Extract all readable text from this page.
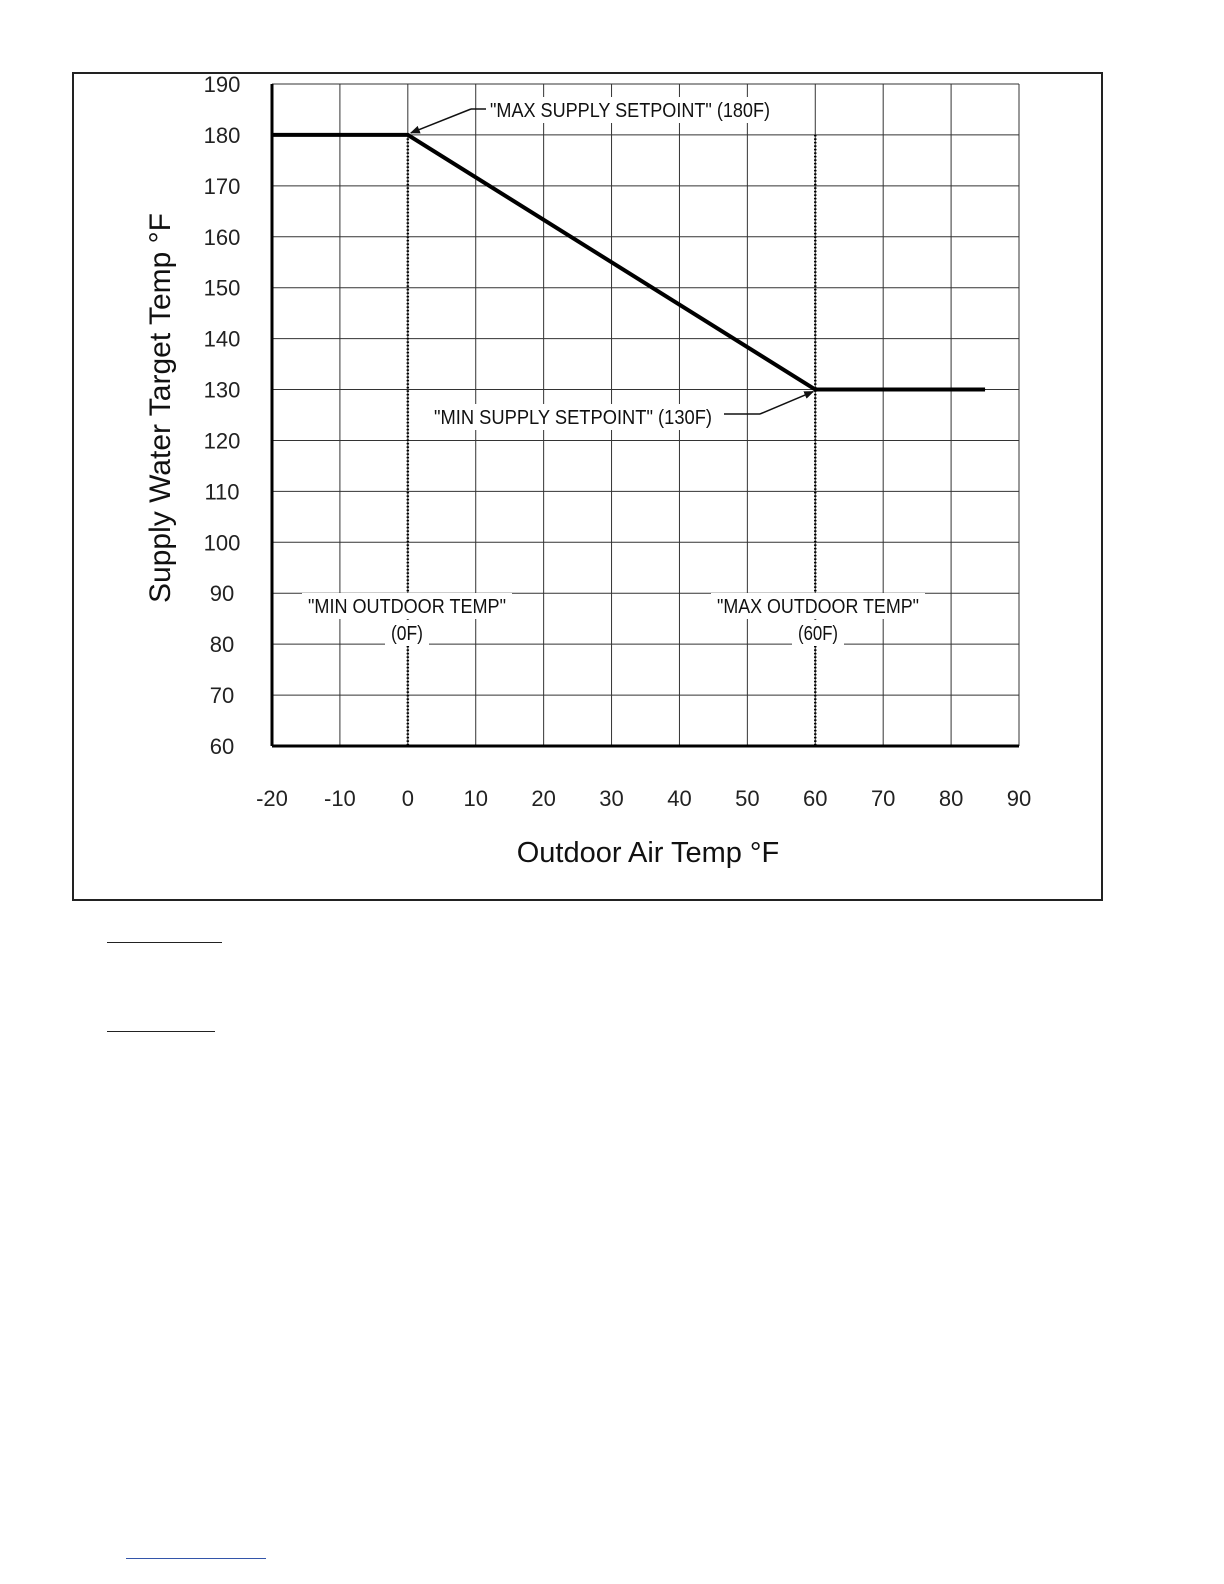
-20 -10 0 10 20 30 40 50 60 70 80 90
60
70
80
90
100
110
120
130
140
150
160
170
180
190
"MAX SUPPLY SETPOINT" (180F)
"MIN SUPPLY SETPOINT" (130F)
"MIN OUTDOOR TEMP"
(0F)
"MAX OUTDOOR TEMP"
(60F)
Outdoor Air Temp °F
Supply Water Target Temp °F
